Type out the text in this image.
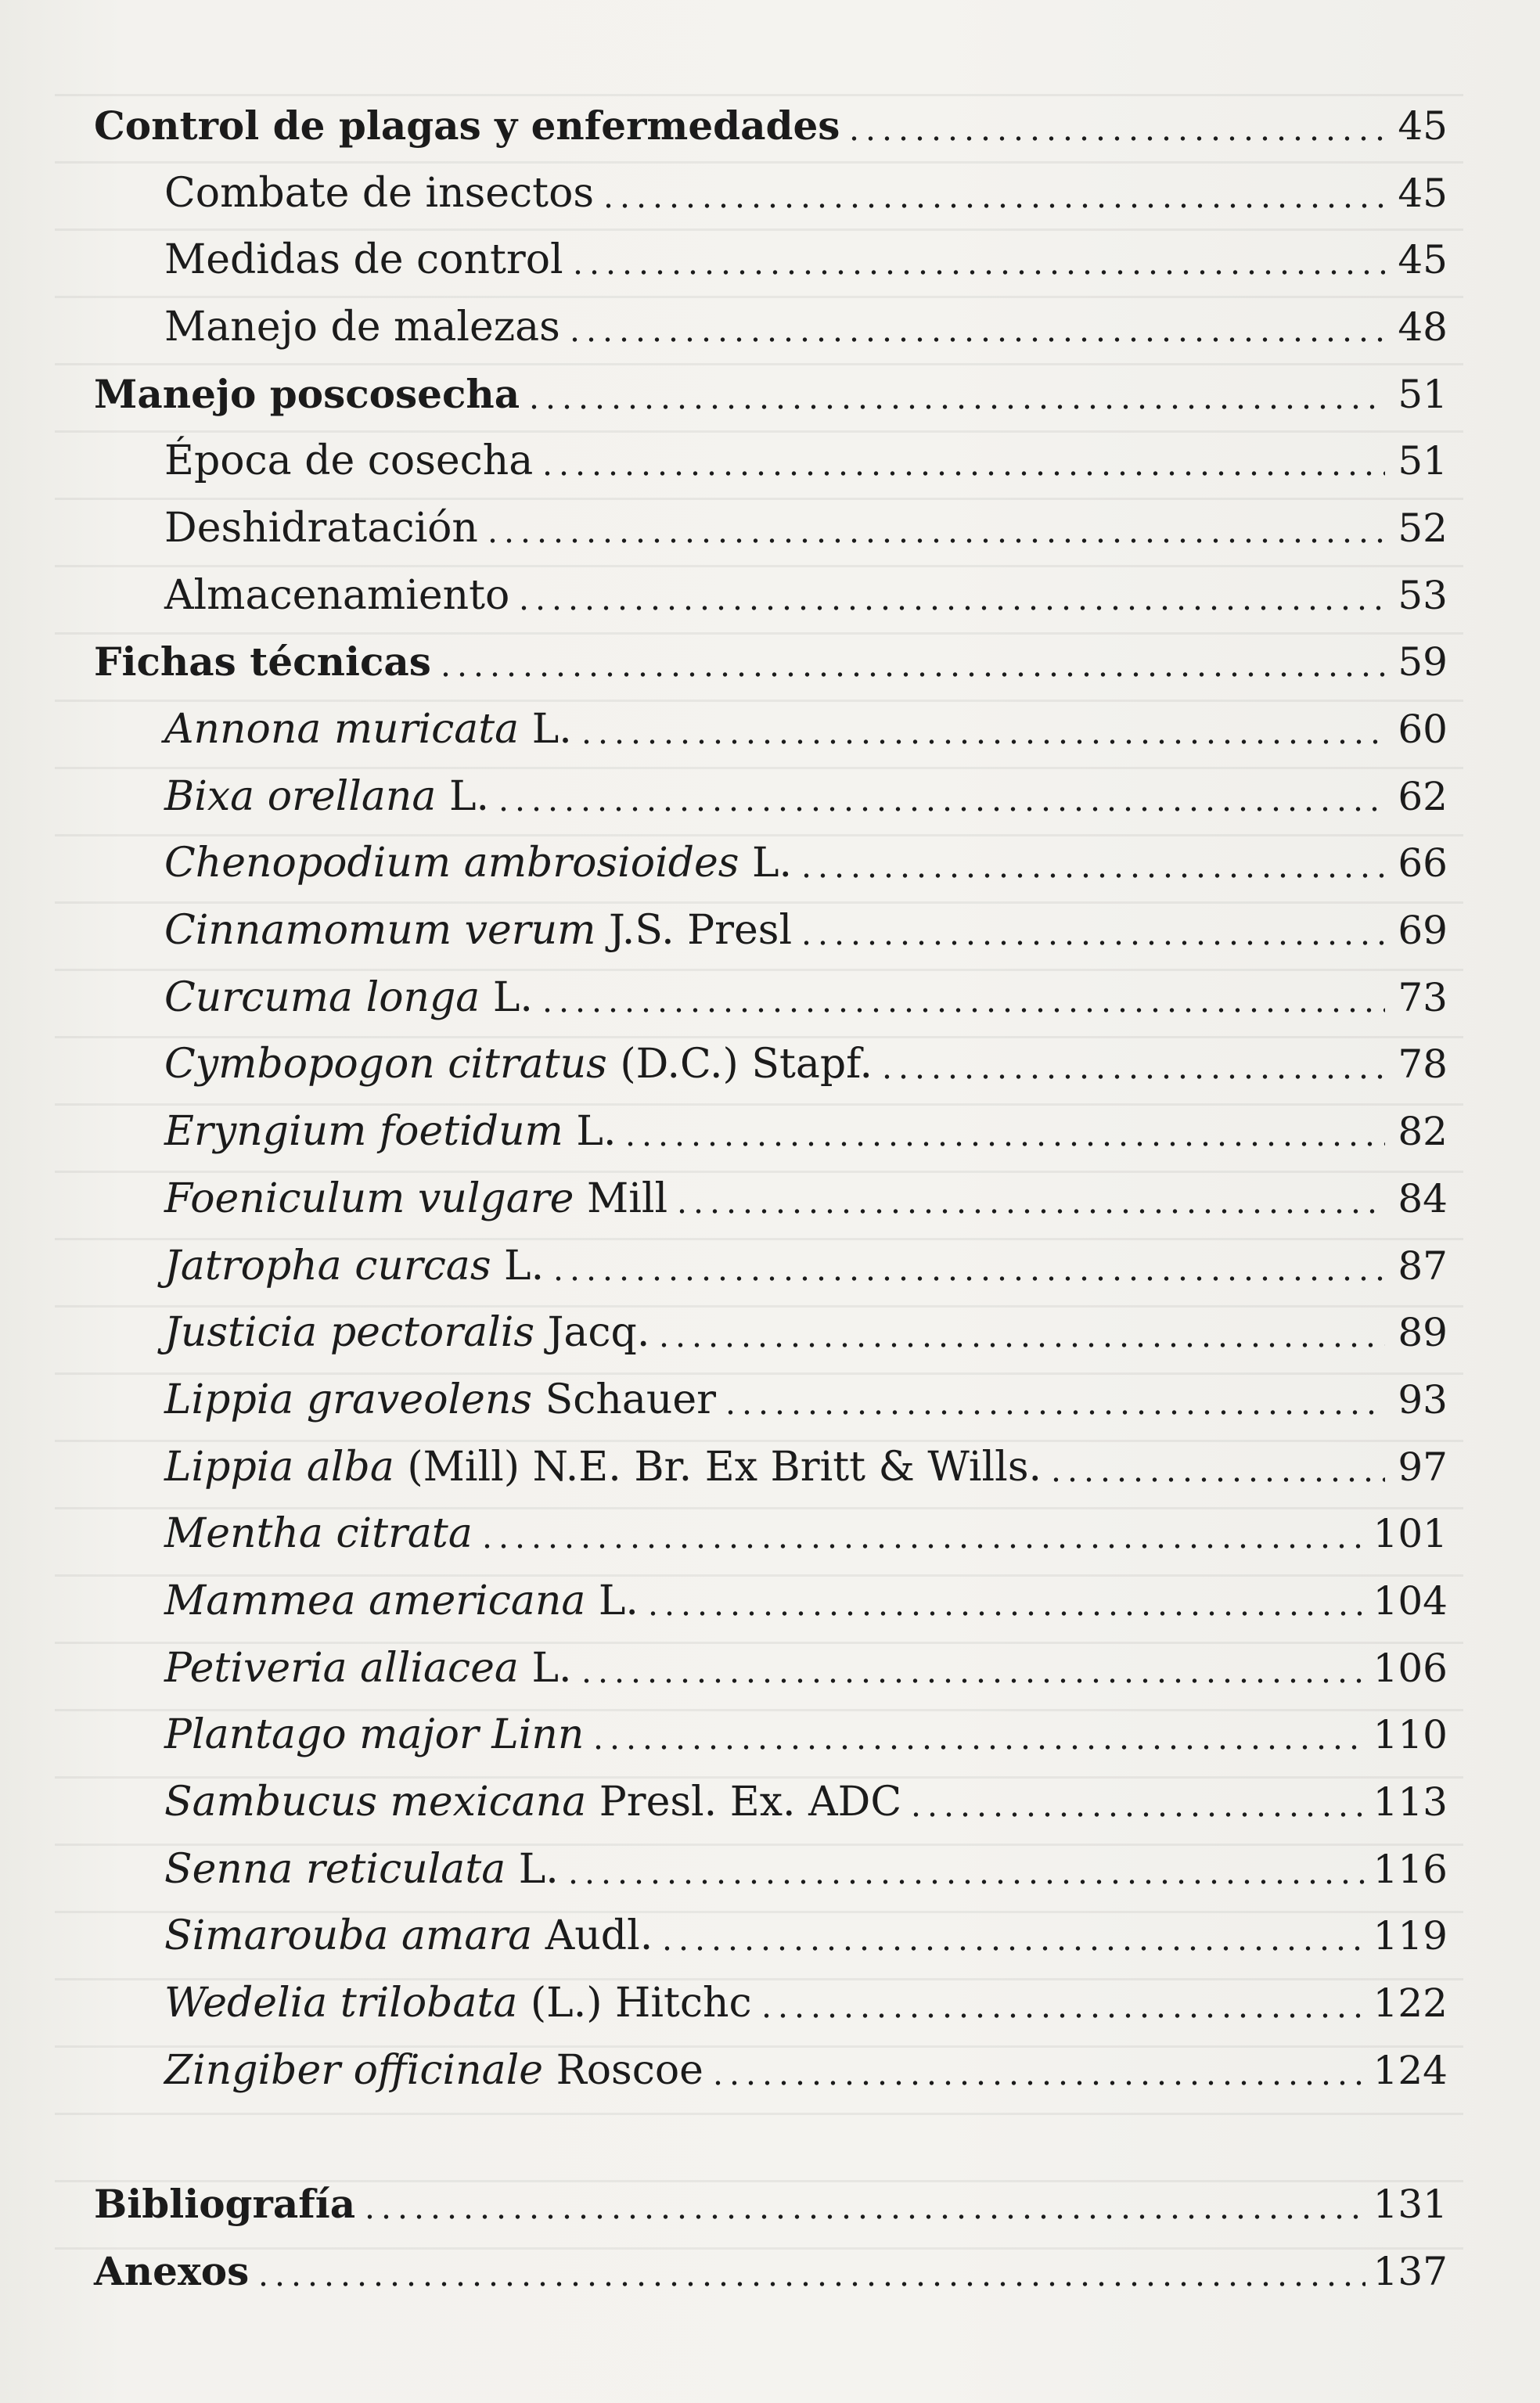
Control de plagas y enfermedades	45
Combate de insectos	45
Medidas de control	45
Manejo de malezas	48
Manejo poscosecha	51
Época de cosecha	51
Deshidratación	52
Almacenamiento	53
Fichas técnicas	59
Annona muricata L.	60
Bixa orellana L.	62
Chenopodium ambrosioides L.	66
Cinnamomum verum J.S. Presl	69
Curcuma longa L.	73
Cymbopogon citratus (D.C.) Stapf.	78
Eryngium foetidum L.	82
Foeniculum vulgare Mill	84
Jatropha curcas L.	87
Justicia pectoralis Jacq.	89
Lippia graveolens Schauer	93
Lippia alba (Mill) N.E. Br. Ex Britt & Wills.	97
Mentha citrata	101
Mammea americana L.	104
Petiveria alliacea L.	106
Plantago major Linn	110
Sambucus mexicana Presl. Ex. ADC	113
Senna reticulata L.	116
Simarouba amara Audl.	119
Wedelia trilobata (L.) Hitchc	122
Zingiber officinale Roscoe	124
Bibliografía	131
Anexos	137
